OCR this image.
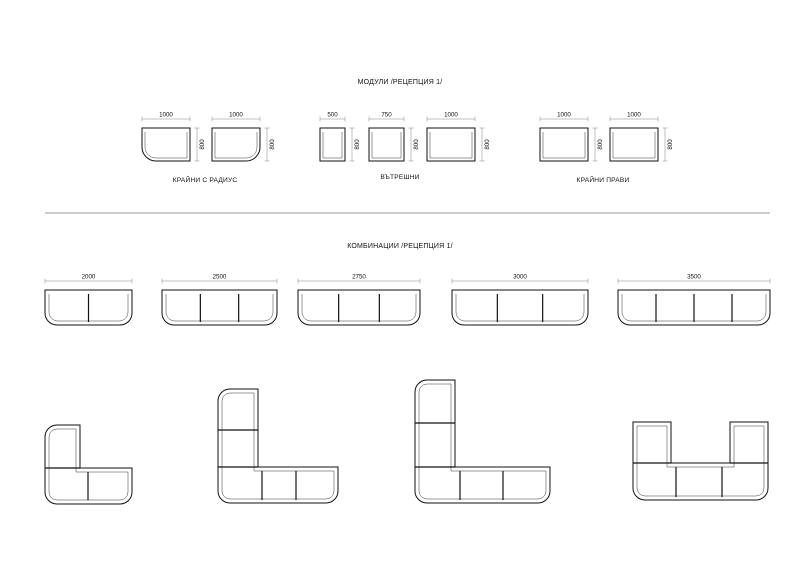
МОДУЛИ /РЕЦЕПЦИЯ 1/
КОМБИНАЦИИ /РЕЦЕПЦИЯ 1/
КРАЙНИ С РАДИУС	ВЪТРЕШНИ	КРАЙНИ ПРАВИ
1000
800
1000
800
500
800
750
800
1000
800
1000
800
1000
800
2000	2500	2750	3000	3500
